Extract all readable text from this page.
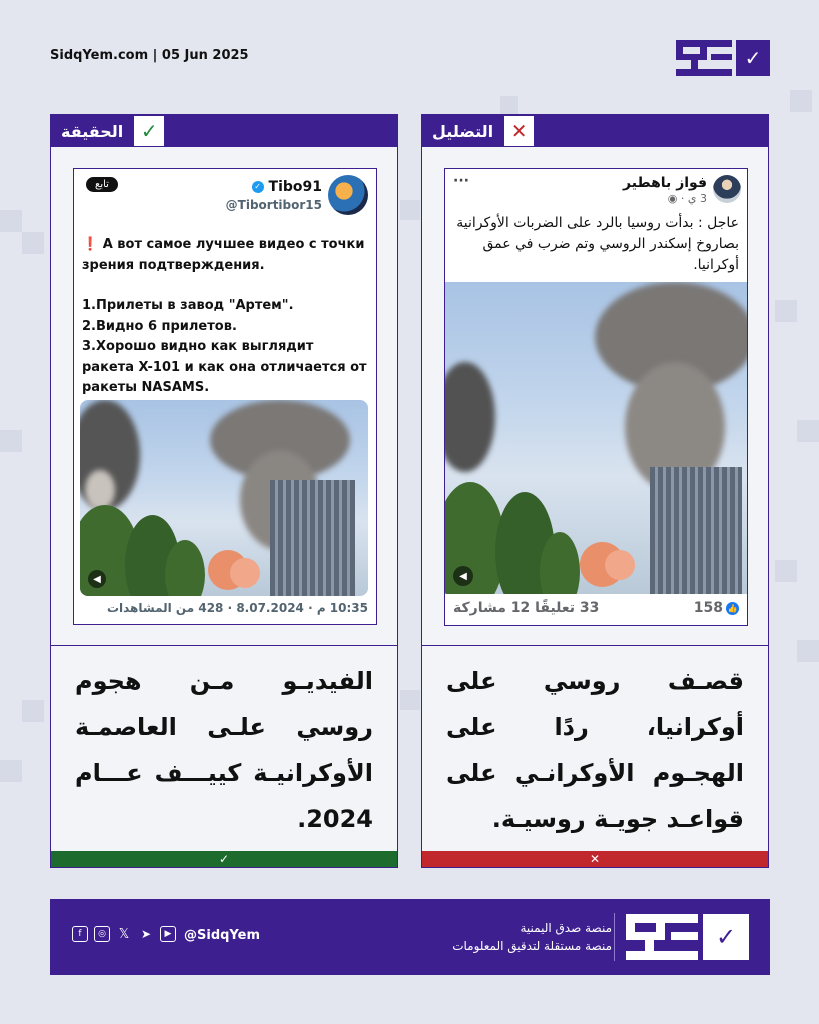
SidqYem.com | 05 Jun 2025	✓
✓
الحقيقة
✓ Tibo91
@Tibortibor15
تابع
❗ А вот самое лучшее видео с точки зрения подтверждения.
1.Прилеты в завод "Артем".
2.Видно 6 прилетов.
3.Хорошо видно как выглядит ракета X-101 и как она отличается от ракеты NASAMS.
◀
10:35 م · 8.07.2024 · 428 من المشاهدات
الفيديـو مـن هجوم روسي علـى العاصمـة الأوكرانيـة كييـــف عـــام 2024.
✓
✕
التضليل
فواز باهطير
3 ي · ◉
···
عاجل : بدأت روسيا بالرد على الضربات الأوكرانية بصاروخ إسكندر الروسي وتم ضرب في عمق أوكرانيا.
◀
158 👍
33 تعليقًا 12 مشاركة
قصـف روسي على أوكرانيا، ردًا على الهجـوم الأوكرانـي على قواعـد جويـة روسيـة.
✕
f	◎ 𝕏 ➤	▶ @SidqYem	منصة صدق اليمنية
منصة مستقلة لتدقيق المعلومات	✓
